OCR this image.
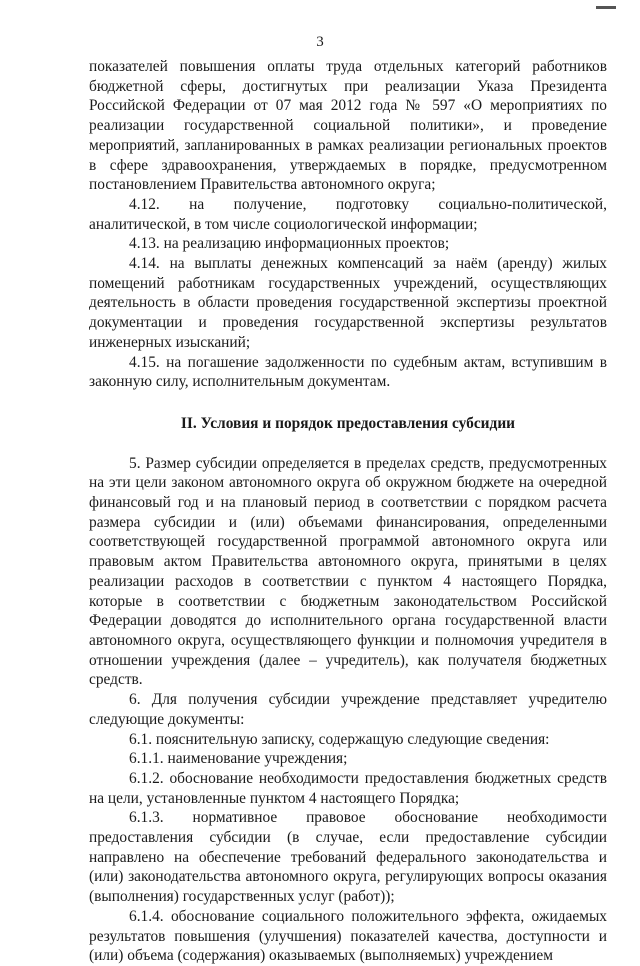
3

показателей повышения оплаты труда отдельных категорий работников бюджетной сферы, достигнутых при реализации Указа Президента Российской Федерации от 07 мая 2012 года № 597 «О мероприятиях по реализации государственной социальной политики», и проведение мероприятий, запланированных в рамках реализации региональных проектов в сфере здравоохранения, утверждаемых в порядке, предусмотренном постановлением Правительства автономного округа;

4.12. на получение, подготовку социально-политической, аналитической, в том числе социологической информации;

4.13. на реализацию информационных проектов;

4.14. на выплаты денежных компенсаций за наём (аренду) жилых помещений работникам государственных учреждений, осуществляющих деятельность в области проведения государственной экспертизы проектной документации и проведения государственной экспертизы результатов инженерных изысканий;

4.15. на погашение задолженности по судебным актам, вступившим в законную силу, исполнительным документам.

II. Условия и порядок предоставления субсидии

5. Размер субсидии определяется в пределах средств, предусмотренных на эти цели законом автономного округа об окружном бюджете на очередной финансовый год и на плановый период в соответствии с порядком расчета размера субсидии и (или) объемами финансирования, определенными соответствующей государственной программой автономного округа или правовым актом Правительства автономного округа, принятыми в целях реализации расходов в соответствии с пунктом 4 настоящего Порядка, которые в соответствии с бюджетным законодательством Российской Федерации доводятся до исполнительного органа государственной власти автономного округа, осуществляющего функции и полномочия учредителя в отношении учреждения (далее – учредитель), как получателя бюджетных средств.

6. Для получения субсидии учреждение представляет учредителю следующие документы:

6.1. пояснительную записку, содержащую следующие сведения:

6.1.1. наименование учреждения;

6.1.2. обоснование необходимости предоставления бюджетных средств на цели, установленные пунктом 4 настоящего Порядка;

6.1.3. нормативное правовое обоснование необходимости предоставления субсидии (в случае, если предоставление субсидии направлено на обеспечение требований федерального законодательства и (или) законодательства автономного округа, регулирующих вопросы оказания (выполнения) государственных услуг (работ));

6.1.4. обоснование социального положительного эффекта, ожидаемых результатов повышения (улучшения) показателей качества, доступности и (или) объема (содержания) оказываемых (выполняемых) учреждением
